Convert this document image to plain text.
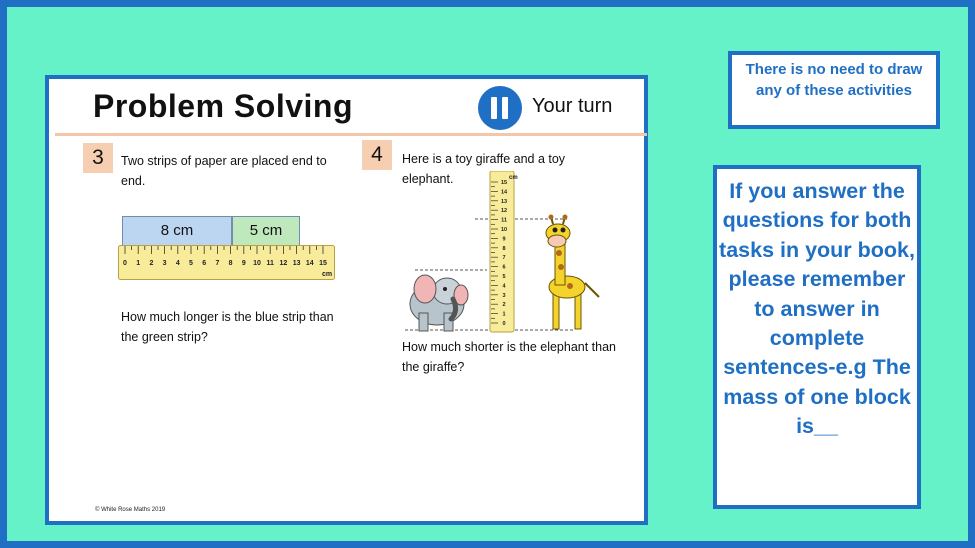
Problem Solving	Your turn
3	Two strips of paper are placed end to end.
8 cm	5 cm
0 1 2 3 4 5 6 7 8 9 10 11 12 13 14 15
cm
How much longer is the blue strip than the green strip?
4	Here is a toy giraffe and a toy elephant.
0
1
2
3
4
5
6
7
8
9
10
11
12
13
14
15
cm
How much shorter is the elephant than the giraffe?
© White Rose Maths 2019
There is no need to draw any of these activities
If you answer the questions for both tasks in your book, please remember to answer in complete sentences-e.g The mass of one block is__
